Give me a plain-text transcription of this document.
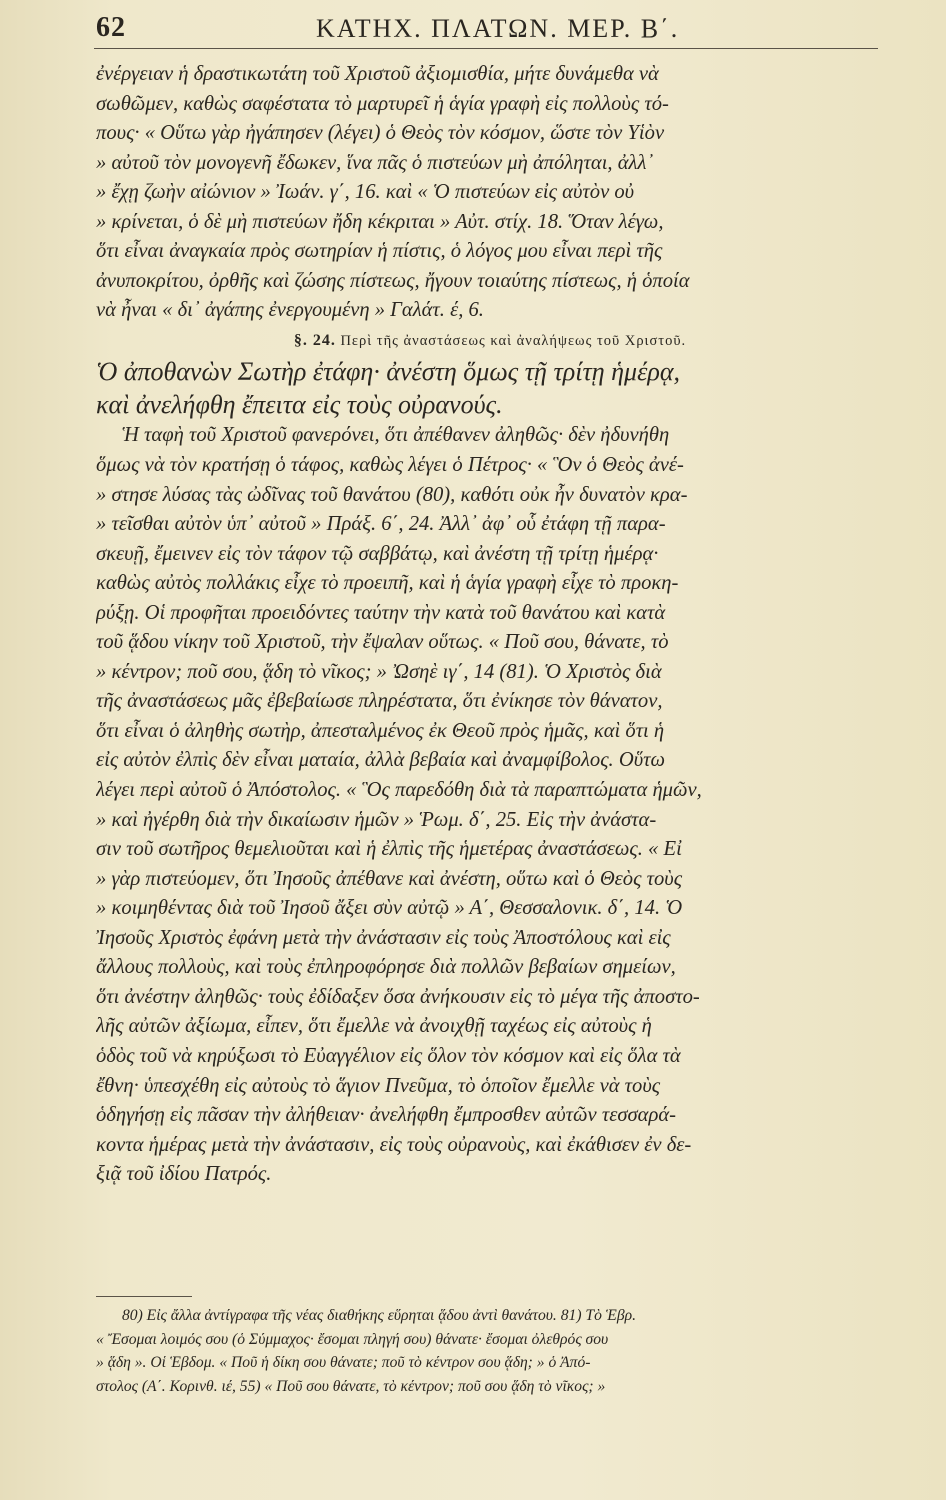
62	ΚΑΤΗΧ. ΠΛΑΤΩΝ. ΜΕΡ. Β΄.
ἐνέργειαν ἡ δραστικωτάτη τοῦ Χριστοῦ ἀξιομισθία, μήτε δυνάμεθα νὰ
σωθῶμεν, καθὼς σαφέστατα τὸ μαρτυρεῖ ἡ ἁγία γραφὴ εἰς πολλοὺς τό-
πους· « Οὕτω γὰρ ἠγάπησεν (λέγει) ὁ Θεὸς τὸν κόσμον, ὥστε τὸν Υἱὸν
» αὐτοῦ τὸν μονογενῆ ἔδωκεν, ἵνα πᾶς ὁ πιστεύων μὴ ἀπόληται, ἀλλ᾽
» ἔχῃ ζωὴν αἰώνιον » Ἰωάν. γ΄, 16. καὶ « Ὁ πιστεύων εἰς αὐτὸν οὐ
» κρίνεται, ὁ δὲ μὴ πιστεύων ἤδη κέκριται » Αὐτ. στίχ. 18. Ὅταν λέγω,
ὅτι εἶναι ἀναγκαία πρὸς σωτηρίαν ἡ πίστις, ὁ λόγος μου εἶναι περὶ τῆς
ἀνυποκρίτου, ὀρθῆς καὶ ζώσης πίστεως, ἤγουν τοιαύτης πίστεως, ἡ ὁποία
νὰ ἦναι « δι᾽ ἀγάπης ἐνεργουμένη » Γαλάτ. έ, 6.
§. 24. Περὶ τῆς ἀναστάσεως καὶ ἀναλήψεως τοῦ Χριστοῦ.
Ὁ ἀποθανὼν Σωτὴρ ἐτάφη· ἀνέστη ὅμως τῇ τρίτῃ ἡμέρᾳ,
καὶ ἀνελήφθη ἔπειτα εἰς τοὺς οὐρανούς.
Ἡ ταφὴ τοῦ Χριστοῦ φανερόνει, ὅτι ἀπέθανεν ἀληθῶς· δὲν ἠδυνήθη
ὅμως νὰ τὸν κρατήσῃ ὁ τάφος, καθὼς λέγει ὁ Πέτρος· « Ὃν ὁ Θεὸς ἀνέ-
» στησε λύσας τὰς ὠδῖνας τοῦ θανάτου (80), καθότι οὐκ ἦν δυνατὸν κρα-
» τεῖσθαι αὐτὸν ὑπ᾽ αὐτοῦ » Πράξ. 6΄, 24. Ἀλλ᾽ ἀφ᾽ οὗ ἐτάφη τῇ παρα-
σκευῇ, ἔμεινεν εἰς τὸν τάφον τῷ σαββάτῳ, καὶ ἀνέστη τῇ τρίτῃ ἡμέρᾳ·
καθὼς αὐτὸς πολλάκις εἶχε τὸ προειπῆ, καὶ ἡ ἁγία γραφὴ εἶχε τὸ προκη-
ρύξῃ. Οἱ προφῆται προειδόντες ταύτην τὴν κατὰ τοῦ θανάτου καὶ κατὰ
τοῦ ᾅδου νίκην τοῦ Χριστοῦ, τὴν ἔψαλαν οὕτως. « Ποῦ σου, θάνατε, τὸ
» κέντρον; ποῦ σου, ᾅδη τὸ νῖκος; » Ὠσηὲ ιγ΄, 14 (81). Ὁ Χριστὸς διὰ
τῆς ἀναστάσεως μᾶς ἐβεβαίωσε πληρέστατα, ὅτι ἐνίκησε τὸν θάνατον,
ὅτι εἶναι ὁ ἀληθὴς σωτὴρ, ἀπεσταλμένος ἐκ Θεοῦ πρὸς ἡμᾶς, καὶ ὅτι ἡ
εἰς αὐτὸν ἐλπὶς δὲν εἶναι ματαία, ἀλλὰ βεβαία καὶ ἀναμφίβολος. Οὕτω
λέγει περὶ αὐτοῦ ὁ Ἀπόστολος. « Ὃς παρεδόθη διὰ τὰ παραπτώματα ἡμῶν,
» καὶ ἠγέρθη διὰ τὴν δικαίωσιν ἡμῶν » Ῥωμ. δ΄, 25. Εἰς τὴν ἀνάστα-
σιν τοῦ σωτῆρος θεμελιοῦται καὶ ἡ ἐλπὶς τῆς ἡμετέρας ἀναστάσεως. « Εἰ
» γὰρ πιστεύομεν, ὅτι Ἰησοῦς ἀπέθανε καὶ ἀνέστη, οὕτω καὶ ὁ Θεὸς τοὺς
» κοιμηθέντας διὰ τοῦ Ἰησοῦ ἄξει σὺν αὐτῷ » Α΄, Θεσσαλονικ. δ΄, 14. Ὁ
Ἰησοῦς Χριστὸς ἐφάνη μετὰ τὴν ἀνάστασιν εἰς τοὺς Ἀποστόλους καὶ εἰς
ἄλλους πολλοὺς, καὶ τοὺς ἐπληροφόρησε διὰ πολλῶν βεβαίων σημείων,
ὅτι ἀνέστην ἀληθῶς· τοὺς ἐδίδαξεν ὅσα ἀνήκουσιν εἰς τὸ μέγα τῆς ἀποστο-
λῆς αὐτῶν ἀξίωμα, εἶπεν, ὅτι ἔμελλε νὰ ἀνοιχθῇ ταχέως εἰς αὐτοὺς ἡ
ὁδὸς τοῦ νὰ κηρύξωσι τὸ Εὐαγγέλιον εἰς ὅλον τὸν κόσμον καὶ εἰς ὅλα τὰ
ἔθνη· ὑπεσχέθη εἰς αὐτοὺς τὸ ἅγιον Πνεῦμα, τὸ ὁποῖον ἔμελλε νὰ τοὺς
ὁδηγήσῃ εἰς πᾶσαν τὴν ἀλήθειαν· ἀνελήφθη ἔμπροσθεν αὐτῶν τεσσαρά-
κοντα ἡμέρας μετὰ τὴν ἀνάστασιν, εἰς τοὺς οὐρανοὺς, καὶ ἐκάθισεν ἐν δε-
ξιᾷ τοῦ ἰδίου Πατρός.
80) Εἰς ἄλλα ἀντίγραφα τῆς νέας διαθήκης εὕρηται ᾅδου ἀντὶ θανάτου. 81) Τὸ Ἑβρ.
« Ἔσομαι λοιμός σου (ὁ Σύμμαχος· ἔσομαι πληγή σου) θάνατε· ἔσομαι ὀλεθρός σου
» ᾅδη ». Οἱ Ἑβδομ. « Ποῦ ἡ δίκη σου θάνατε; ποῦ τὸ κέντρον σου ᾅδη; » ὁ Ἀπό-
στολος (Α΄. Κορινθ. ιέ, 55) « Ποῦ σου θάνατε, τὸ κέντρον; ποῦ σου ᾅδη τὸ νῖκος; »
